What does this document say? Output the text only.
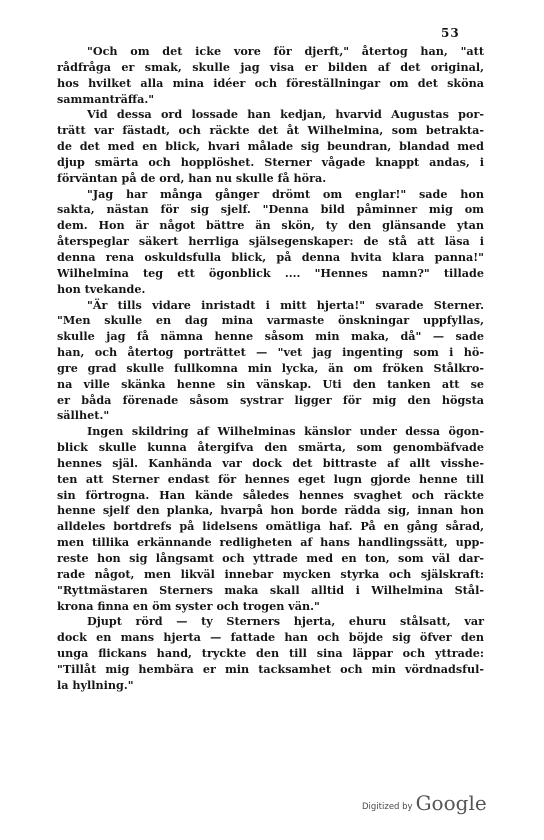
53

"Och om det icke vore för djerft," återtog han, "att
rådfråga er smak, skulle jag visa er bilden af det original,
hos hvilket alla mina idéer och föreställningar om det sköna
sammanträffa."

Vid dessa ord lossade han kedjan, hvarvid Augustas por-
trätt var fästadt, och räckte det åt Wilhelmina, som betrakta-
de det med en blick, hvari målade sig beundran, blandad med
djup smärta och hopplöshet. Sterner vågade knappt andas, i
förväntan på de ord, han nu skulle få höra.

"Jag har många gånger drömt om englar!" sade hon
sakta, nästan för sig sjelf. "Denna bild påminner mig om
dem. Hon är något bättre än skön, ty den glänsande ytan
återspeglar säkert herrliga själsegenskaper: de stå att läsa i
denna rena oskuldsfulla blick, på denna hvita klara panna!"
Wilhelmina teg ett ögonblick .... "Hennes namn?" tillade
hon tvekande.

"Är tills vidare inristadt i mitt hjerta!" svarade Sterner.
"Men skulle en dag mina varmaste önskningar uppfyllas,
skulle jag få nämna henne såsom min maka, då" — sade
han, och återtog porträttet — "vet jag ingenting som i hö-
gre grad skulle fullkomna min lycka, än om fröken Stålkro-
na ville skänka henne sin vänskap. Uti den tanken att se
er båda förenade såsom systrar ligger för mig den högsta
sällhet."

Ingen skildring af Wilhelminas känslor under dessa ögon-
blick skulle kunna återgifva den smärta, som genombäfvade
hennes själ. Kanhända var dock det bittraste af allt visshe-
ten att Sterner endast för hennes eget lugn gjorde henne till
sin förtrogna. Han kände således hennes svaghet och räckte
henne sjelf den planka, hvarpå hon borde rädda sig, innan hon
alldeles bortdrefs på lidelsens omätliga haf. På en gång sårad,
men tillika erkännande redligheten af hans handlingssätt, upp-
reste hon sig långsamt och yttrade med en ton, som väl dar-
rade något, men likväl innebar mycken styrka och själskraft:
"Ryttmästaren Sterners maka skall alltid i Wilhelmina Stål-
krona finna en öm syster och trogen vän."

Djupt rörd — ty Sterners hjerta, ehuru stålsatt, var
dock en mans hjerta — fattade han och böjde sig öfver den
unga flickans hand, tryckte den till sina läppar och yttrade:
"Tillåt mig hembära er min tacksamhet och min vördnadsful-
la hyllning."

Digitized by Google
